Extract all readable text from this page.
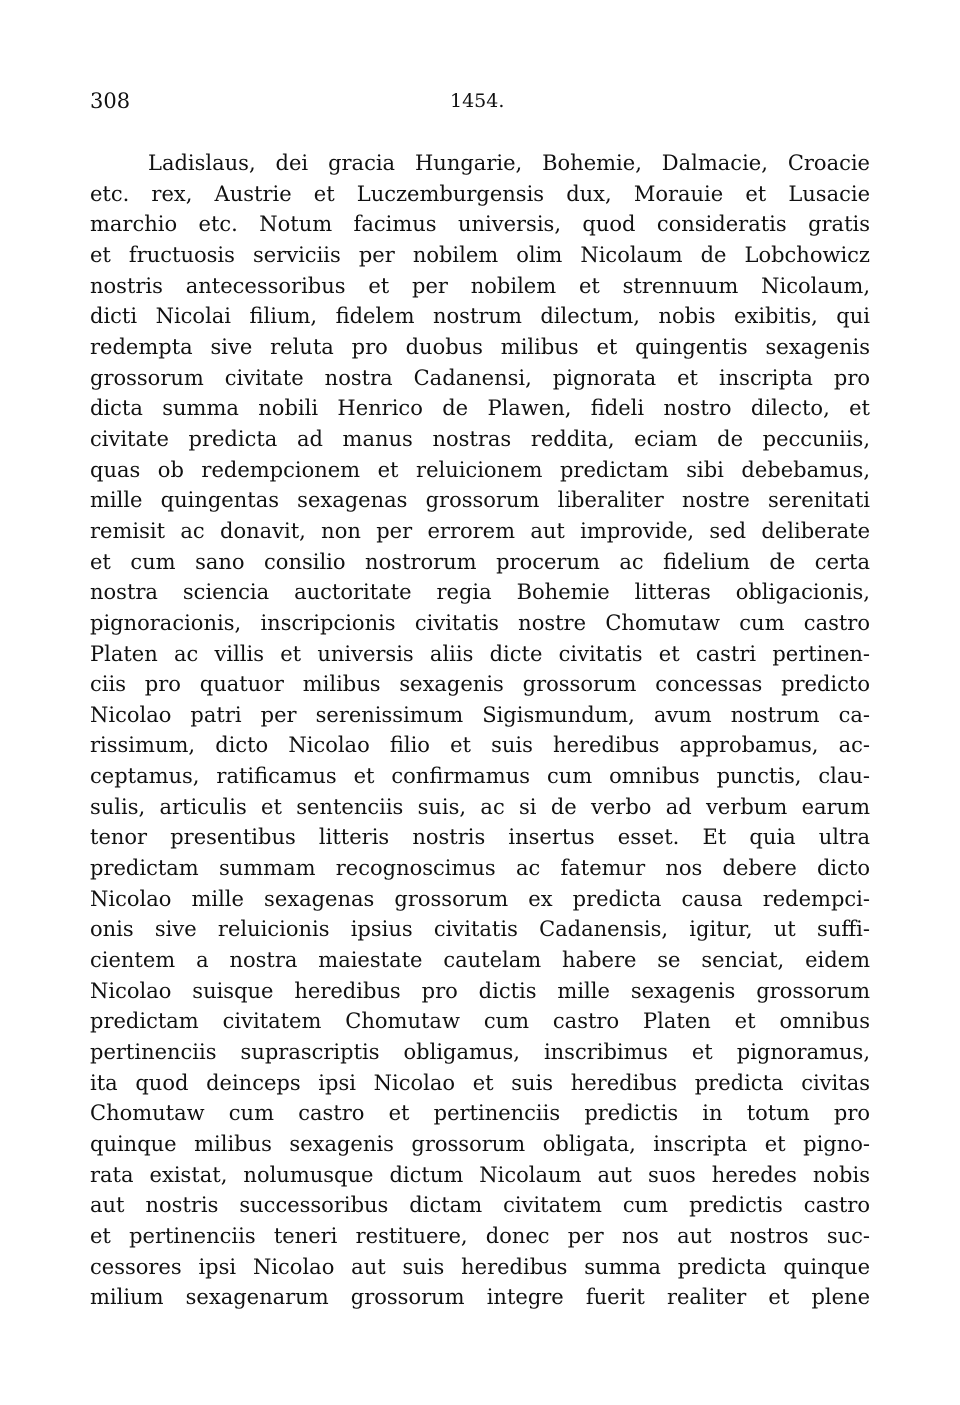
308	1454.
Ladislaus, dei gracia Hungarie, Bohemie, Dalmacie, Croacie
etc. rex, Austrie et Luczemburgensis dux, Morauie et Lusacie
marchio etc. Notum facimus universis, quod consideratis gratis
et fructuosis serviciis per nobilem olim Nicolaum de Lobchowicz
nostris antecessoribus et per nobilem et strennuum Nicolaum,
dicti Nicolai filium, fidelem nostrum dilectum, nobis exibitis, qui
redempta sive reluta pro duobus milibus et quingentis sexagenis
grossorum civitate nostra Cadanensi, pignorata et inscripta pro
dicta summa nobili Henrico de Plawen, fideli nostro dilecto, et
civitate predicta ad manus nostras reddita, eciam de peccuniis,
quas ob redempcionem et reluicionem predictam sibi debebamus,
mille quingentas sexagenas grossorum liberaliter nostre serenitati
remisit ac donavit, non per errorem aut improvide, sed deliberate
et cum sano consilio nostrorum procerum ac fidelium de certa
nostra sciencia auctoritate regia Bohemie litteras obligacionis,
pignoracionis, inscripcionis civitatis nostre Chomutaw cum castro
Platen ac villis et universis aliis dicte civitatis et castri pertinen-
ciis pro quatuor milibus sexagenis grossorum concessas predicto
Nicolao patri per serenissimum Sigismundum, avum nostrum ca-
rissimum, dicto Nicolao filio et suis heredibus approbamus, ac-
ceptamus, ratificamus et confirmamus cum omnibus punctis, clau-
sulis, articulis et sentenciis suis, ac si de verbo ad verbum earum
tenor presentibus litteris nostris insertus esset. Et quia ultra
predictam summam recognoscimus ac fatemur nos debere dicto
Nicolao mille sexagenas grossorum ex predicta causa redempci-
onis sive reluicionis ipsius civitatis Cadanensis, igitur, ut suffi-
cientem a nostra maiestate cautelam habere se senciat, eidem
Nicolao suisque heredibus pro dictis mille sexagenis grossorum
predictam civitatem Chomutaw cum castro Platen et omnibus
pertinenciis suprascriptis obligamus, inscribimus et pignoramus,
ita quod deinceps ipsi Nicolao et suis heredibus predicta civitas
Chomutaw cum castro et pertinenciis predictis in totum pro
quinque milibus sexagenis grossorum obligata, inscripta et pigno-
rata existat, nolumusque dictum Nicolaum aut suos heredes nobis
aut nostris successoribus dictam civitatem cum predictis castro
et pertinenciis teneri restituere, donec per nos aut nostros suc-
cessores ipsi Nicolao aut suis heredibus summa predicta quinque
milium sexagenarum grossorum integre fuerit realiter et plene
